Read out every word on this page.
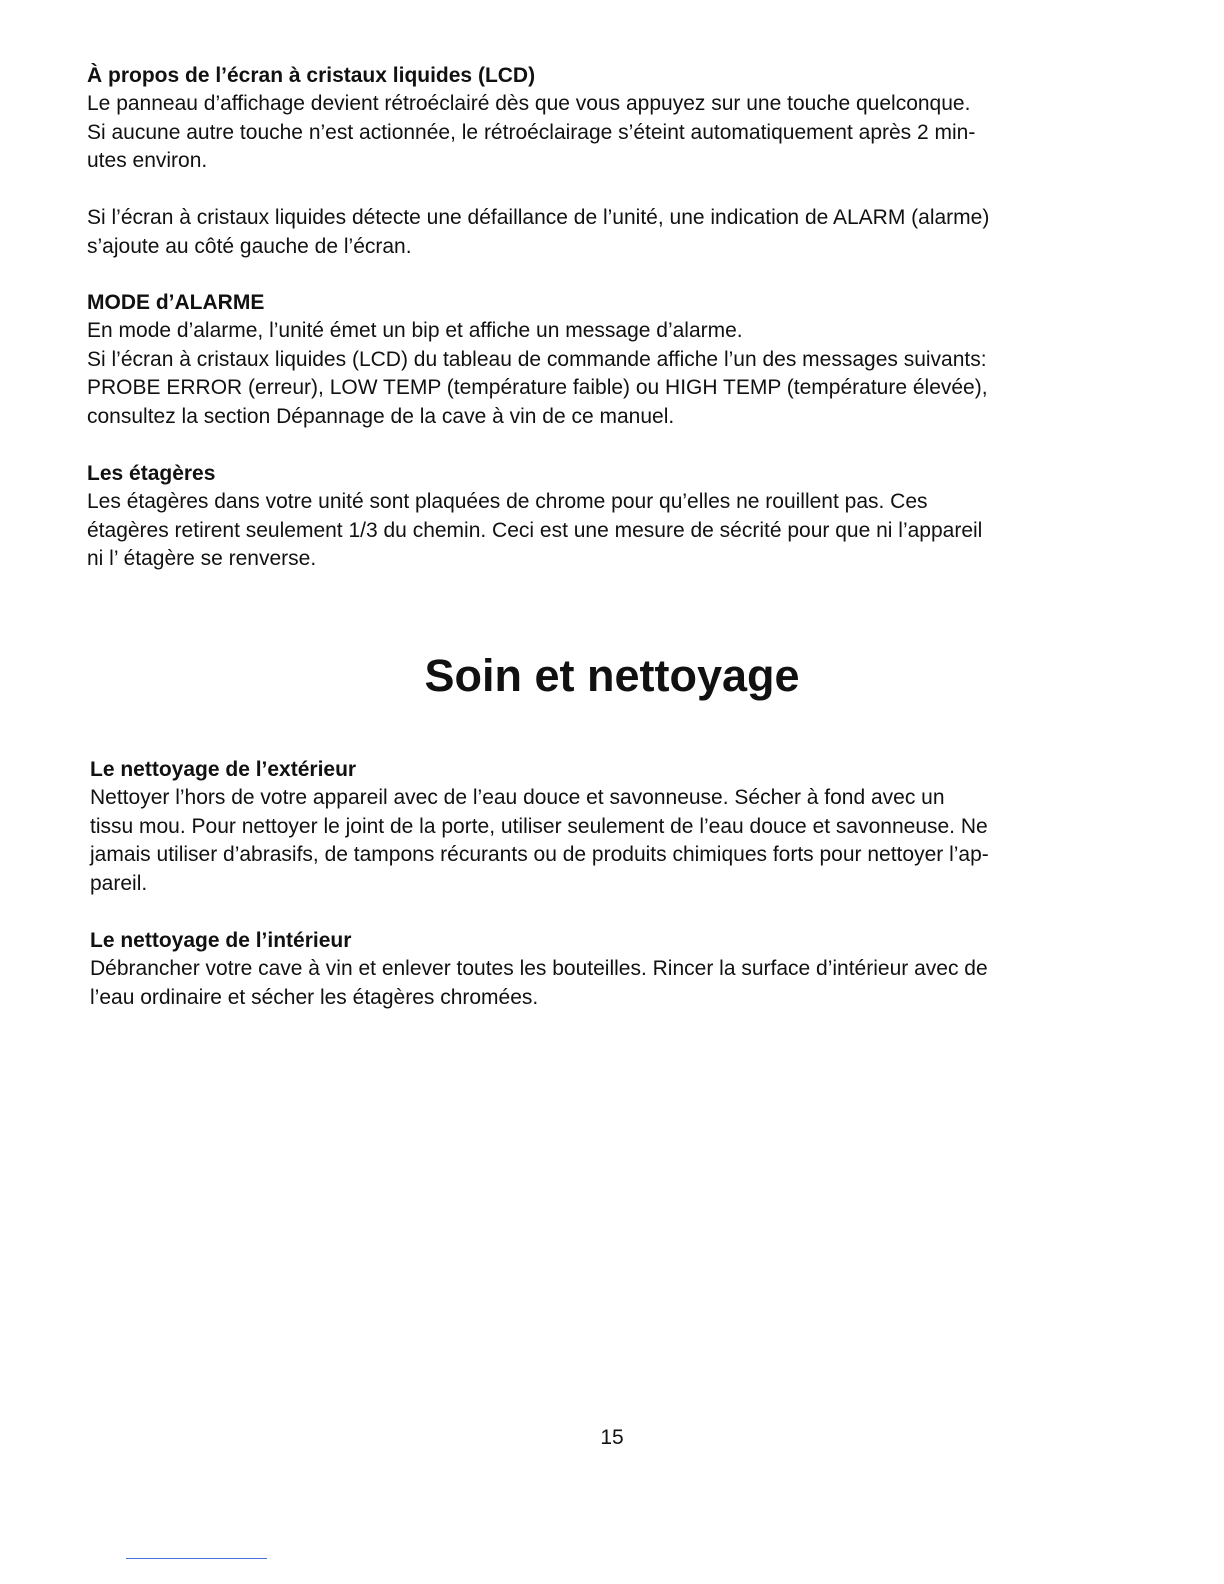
À propos de l’écran à cristaux liquides (LCD)

Le panneau d’affichage devient rétroéclairé dès que vous appuyez sur une touche quelconque.
Si aucune autre touche n’est actionnée, le rétroéclairage s’éteint automatiquement après 2 min-
utes environ.

Si l’écran à cristaux liquides détecte une défaillance de l’unité, une indication de ALARM (alarme)
s’ajoute au côté gauche de l’écran.

MODE d’ALARME

En mode d’alarme, l’unité émet un bip et affiche un message d’alarme.
Si l’écran à cristaux liquides (LCD) du tableau de commande affiche l’un des messages suivants:
PROBE ERROR (erreur), LOW TEMP (température faible) ou HIGH TEMP (température élevée),
consultez la section Dépannage de la cave à vin de ce manuel.

Les étagères

Les étagères dans votre unité sont plaquées de chrome pour qu’elles ne rouillent pas. Ces
étagères retirent seulement 1/3 du chemin. Ceci est une mesure de sécrité pour que ni l’appareil
ni l’ étagère se renverse.

Soin et nettoyage
Le nettoyage de l’extérieur

Nettoyer l’hors de votre appareil avec de l’eau douce et savonneuse. Sécher à fond avec un
tissu mou. Pour nettoyer le joint de la porte, utiliser seulement de l’eau douce et savonneuse. Ne
jamais utiliser d’abrasifs, de tampons récurants ou de produits chimiques forts pour nettoyer l’ap-
pareil.

Le nettoyage de l’intérieur

Débrancher votre cave à vin et enlever toutes les bouteilles. Rincer la surface d’intérieur avec de
l’eau ordinaire et sécher les étagères chromées.

15
